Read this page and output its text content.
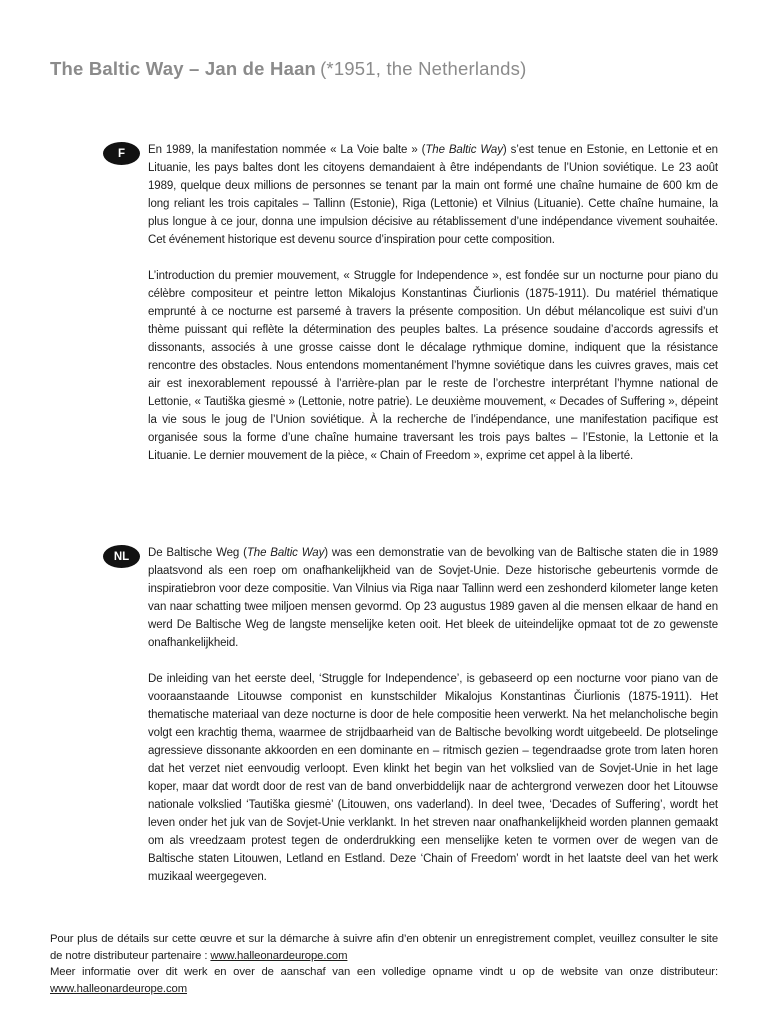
The Baltic Way – Jan de Haan (*1951, the Netherlands)
F	En 1989, la manifestation nommée « La Voie balte » (The Baltic Way) s’est tenue en Estonie, en Lettonie et en Lituanie, les pays baltes dont les citoyens demandaient à être indépendants de l’Union soviétique. Le 23 août 1989, quelque deux millions de personnes se tenant par la main ont formé une chaîne humaine de 600 km de long reliant les trois capitales – Tallinn (Estonie), Riga (Lettonie) et Vilnius (Lituanie). Cette chaîne humaine, la plus longue à ce jour, donna une impulsion décisive au rétablissement d’une indépendance vivement souhaitée. Cet événement historique est devenu source d’inspiration pour cette composition.

L’introduction du premier mouvement, « Struggle for Independence », est fondée sur un nocturne pour piano du célèbre compositeur et peintre letton Mikalojus Konstantinas Čiurlionis (1875-1911). Du matériel thématique emprunté à ce nocturne est parsemé à travers la présente composition. Un début mélancolique est suivi d’un thème puissant qui reflète la détermination des peuples baltes. La présence soudaine d’accords agressifs et dissonants, associés à une grosse caisse dont le décalage rythmique domine, indiquent que la résistance rencontre des obstacles. Nous entendons momentanément l’hymne soviétique dans les cuivres graves, mais cet air est inexorablement repoussé à l’arrière-plan par le reste de l’orchestre interprétant l’hymne national de Lettonie, « Tautiška giesmė » (Lettonie, notre patrie). Le deuxième mouvement, « Decades of Suffering », dépeint la vie sous le joug de l’Union soviétique. À la recherche de l’indépendance, une manifestation pacifique est organisée sous la forme d’une chaîne humaine traversant les trois pays baltes – l’Estonie, la Lettonie et la Lituanie. Le dernier mouvement de la pièce, « Chain of Freedom », exprime cet appel à la liberté.

NL	De Baltische Weg (The Baltic Way) was een demonstratie van de bevolking van de Baltische staten die in 1989 plaatsvond als een roep om onafhankelijkheid van de Sovjet-Unie. Deze historische gebeurtenis vormde de inspiratiebron voor deze compositie. Van Vilnius via Riga naar Tallinn werd een zeshonderd kilometer lange keten van naar schatting twee miljoen mensen gevormd. Op 23 augustus 1989 gaven al die mensen elkaar de hand en werd De Baltische Weg de langste menselijke keten ooit. Het bleek de uiteindelijke opmaat tot de zo gewenste onafhankelijkheid.

De inleiding van het eerste deel, ‘Struggle for Independence’, is gebaseerd op een nocturne voor piano van de vooraanstaande Litouwse componist en kunstschilder Mikalojus Konstantinas Čiurlionis (1875-1911). Het thematische materiaal van deze nocturne is door de hele compositie heen verwerkt. Na het melancholische begin volgt een krachtig thema, waarmee de strijdbaarheid van de Baltische bevolking wordt uitgebeeld. De plotselinge agressieve dissonante akkoorden en een dominante en – ritmisch gezien – tegendraadse grote trom laten horen dat het verzet niet eenvoudig verloopt. Even klinkt het begin van het volkslied van de Sovjet-Unie in het lage koper, maar dat wordt door de rest van de band onverbiddelijk naar de achtergrond verwezen door het Litouwse nationale volkslied ‘Tautiška giesmė’ (Litouwen, ons vaderland). In deel twee, ‘Decades of Suffering’, wordt het leven onder het juk van de Sovjet-Unie verklankt. In het streven naar onafhankelijkheid worden plannen gemaakt om als vreedzaam protest tegen de onderdrukking een menselijke keten te vormen over de wegen van de Baltische staten Litouwen, Letland en Estland. Deze ‘Chain of Freedom’ wordt in het laatste deel van het werk muzikaal weergegeven.

Pour plus de détails sur cette œuvre et sur la démarche à suivre afin d’en obtenir un enregistrement complet, veuillez consulter le site de notre distributeur partenaire : www.halleonardeurope.com

Meer informatie over dit werk en over de aanschaf van een volledige opname vindt u op de website van onze distributeur: www.halleonardeurope.com
